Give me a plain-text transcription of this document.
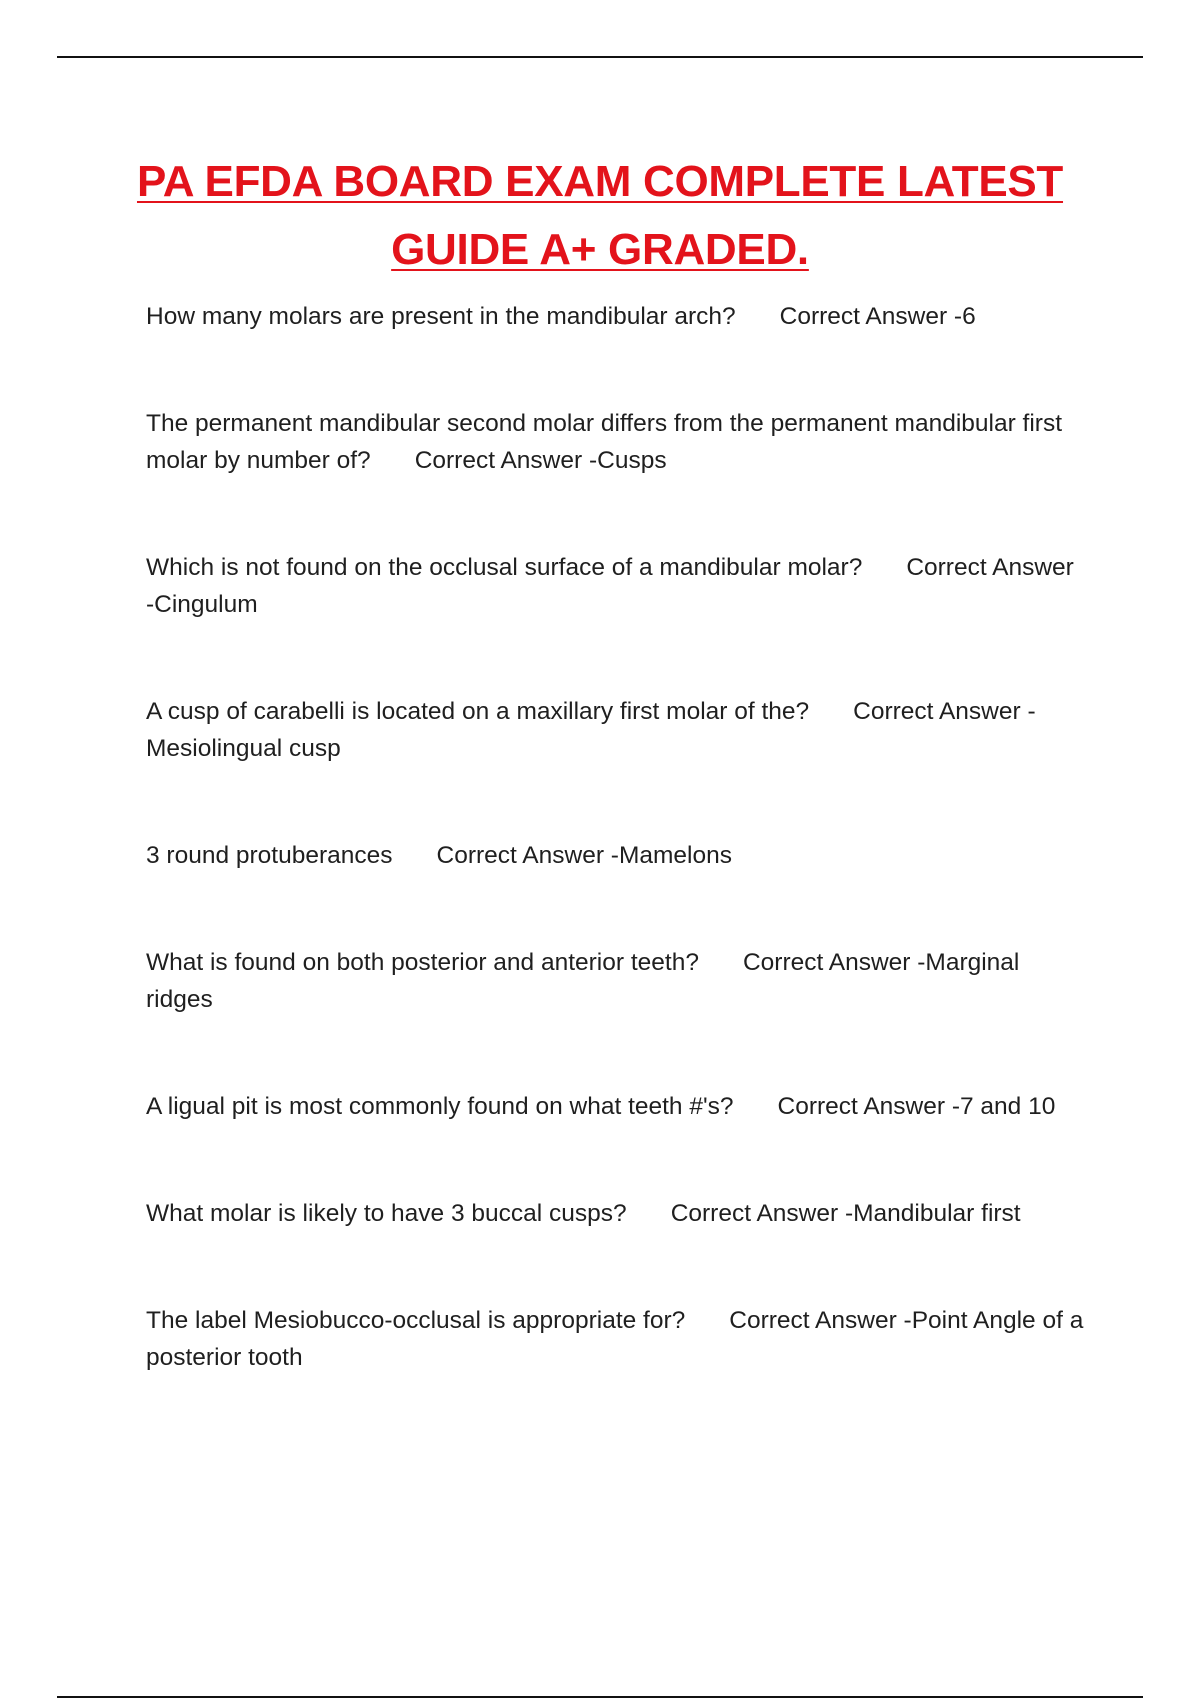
PA EFDA BOARD EXAM COMPLETE LATEST
GUIDE A+ GRADED.

How many molars are present in the mandibular arch? Correct Answer -6

The permanent mandibular second molar differs from the permanent mandibular first molar by number of? Correct Answer -Cusps

Which is not found on the occlusal surface of a mandibular molar? Correct Answer -Cingulum

A cusp of carabelli is located on a maxillary first molar of the? Correct Answer -Mesiolingual cusp

3 round protuberances Correct Answer -Mamelons

What is found on both posterior and anterior teeth? Correct Answer -Marginal ridges

A ligual pit is most commonly found on what teeth #'s? Correct Answer -7 and 10

What molar is likely to have 3 buccal cusps? Correct Answer -Mandibular first

The label Mesiobucco-occlusal is appropriate for? Correct Answer -Point Angle of a posterior tooth
